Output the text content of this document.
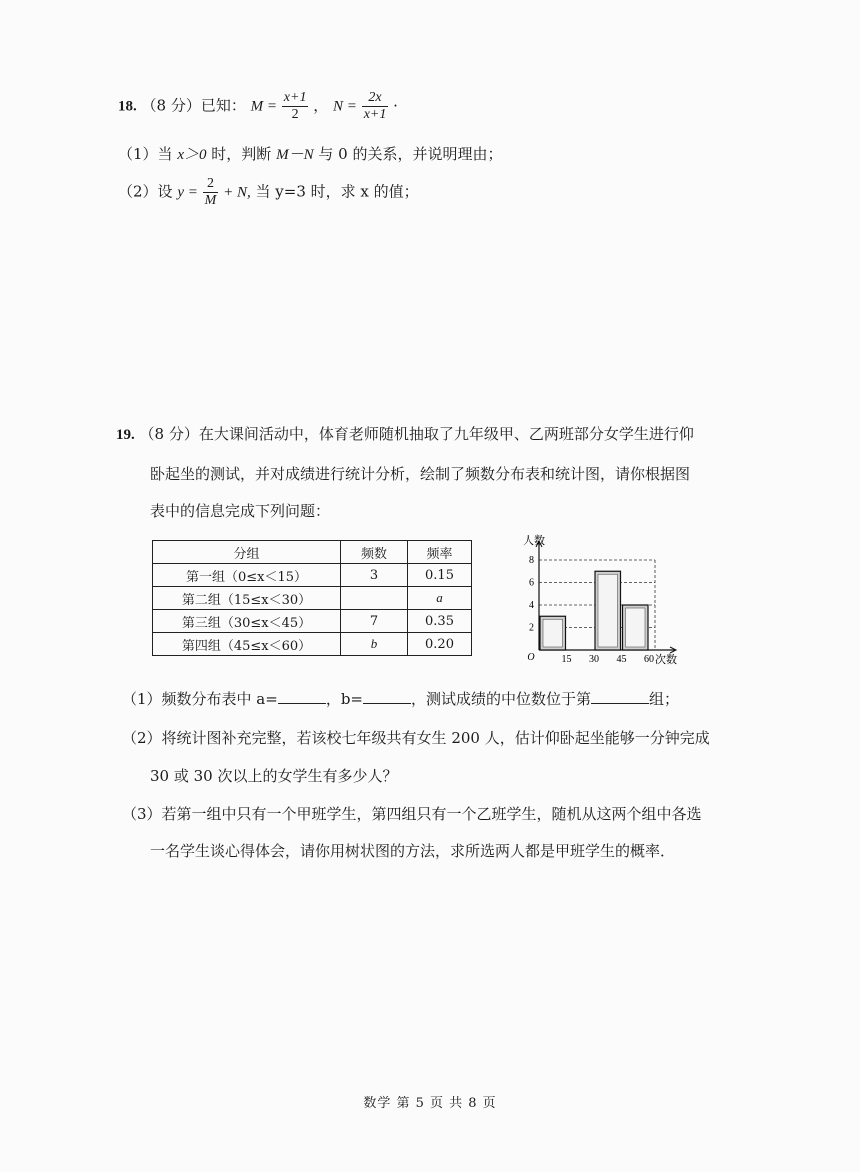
18. （8 分）已知： $M = \frac{x+1}{2}$ ， $N = \frac{2x}{x+1}$ ·
（1）当 x＞0 时，判断 M－N 与 0 的关系，并说明理由；
（2）设 $y = \frac{2}{M} + N$, 当 y=3 时，求 x 的值；
19. （8 分）在大课间活动中，体育老师随机抽取了九年级甲、乙两班部分女学生进行仰
卧起坐的测试，并对成绩进行统计分析，绘制了频数分布表和统计图，请你根据图
表中的信息完成下列问题：
分组	频数	频率
第一组（0≤x＜15）	3	0.15
第二组（15≤x＜30）		a
第三组（30≤x＜45）	7	0.35
第四组（45≤x＜60）	b	0.20
2
4
6
8
15 30 45 60
O
人数
次数
（1）频数分布表中 a=	，b=	，测试成绩的中位数位于第	组；
（2）将统计图补充完整，若该校七年级共有女生 200 人，估计仰卧起坐能够一分钟完成
30 或 30 次以上的女学生有多少人？
（3）若第一组中只有一个甲班学生，第四组只有一个乙班学生，随机从这两个组中各选
一名学生谈心得体会，请你用树状图的方法，求所选两人都是甲班学生的概率．
数学 第 5 页 共 8 页
